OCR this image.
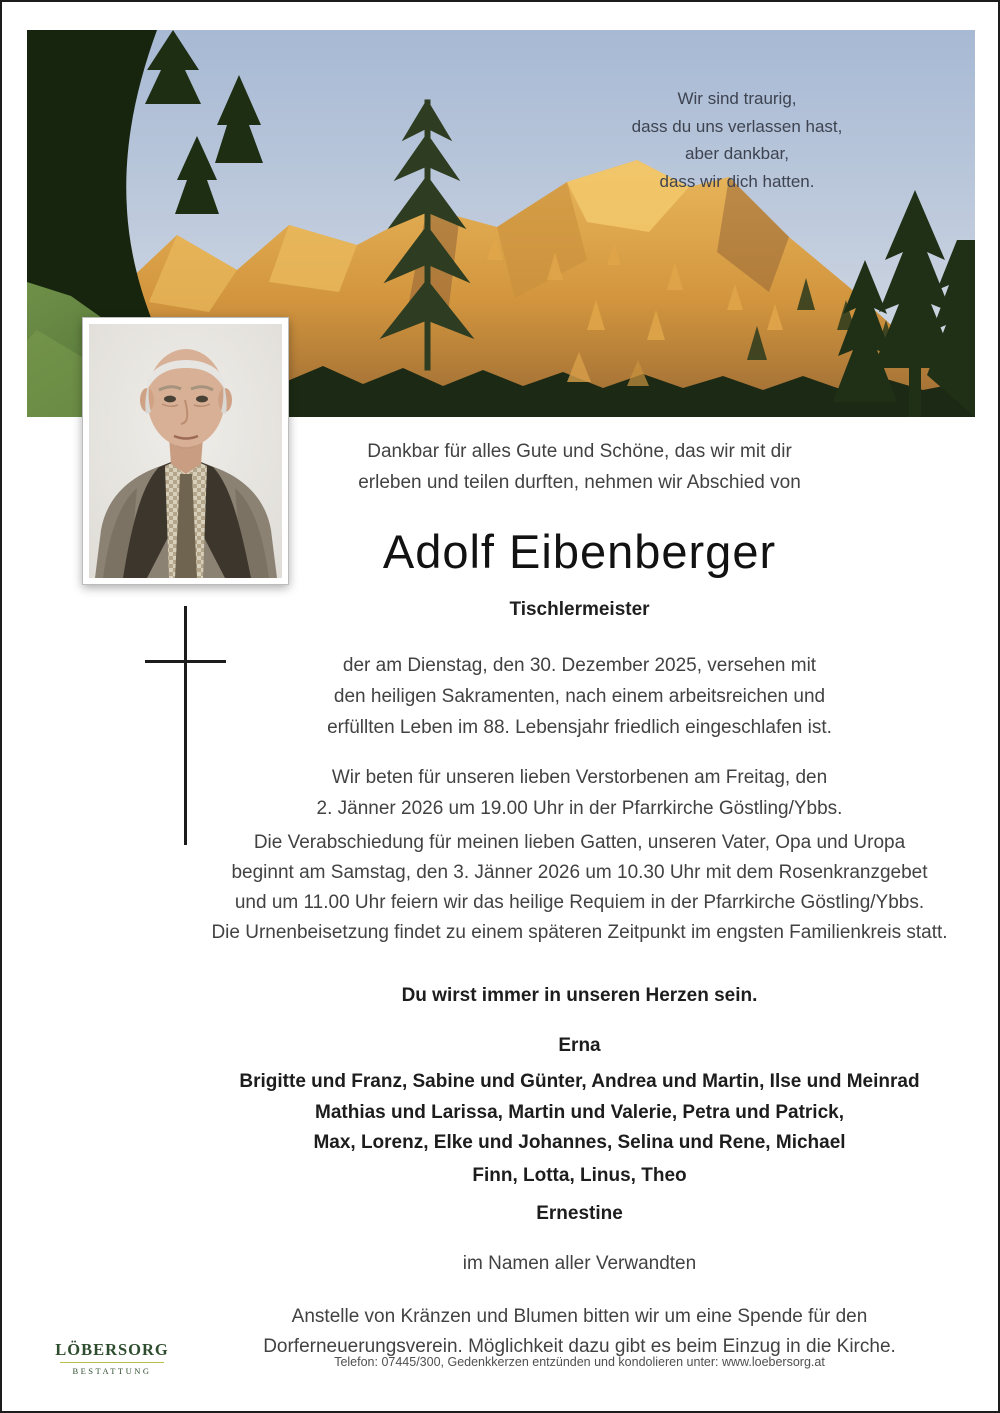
Wir sind traurig,
dass du uns verlassen hast,
aber dankbar,
dass wir dich hatten.
Dankbar für alles Gute und Schöne, das wir mit dir
erleben und teilen durften, nehmen wir Abschied von
Adolf Eibenberger
Tischlermeister
der am Dienstag, den 30. Dezember 2025, versehen mit
den heiligen Sakramenten, nach einem arbeitsreichen und
erfüllten Leben im 88. Lebensjahr friedlich eingeschlafen ist.
Wir beten für unseren lieben Verstorbenen am Freitag, den
2. Jänner 2026 um 19.00 Uhr in der Pfarrkirche Göstling/Ybbs.
Die Verabschiedung für meinen lieben Gatten, unseren Vater, Opa und Uropa
beginnt am Samstag, den 3. Jänner 2026 um 10.30 Uhr mit dem Rosenkranzgebet
und um 11.00 Uhr feiern wir das heilige Requiem in der Pfarrkirche Göstling/Ybbs.
Die Urnenbeisetzung findet zu einem späteren Zeitpunkt im engsten Familienkreis statt.
Du wirst immer in unseren Herzen sein.
Erna
Brigitte und Franz, Sabine und Günter, Andrea und Martin, Ilse und Meinrad
Mathias und Larissa, Martin und Valerie, Petra und Patrick,
Max, Lorenz, Elke und Johannes, Selina und Rene, Michael
Finn, Lotta, Linus, Theo
Ernestine
im Namen aller Verwandten
Anstelle von Kränzen und Blumen bitten wir um eine Spende für den
Dorferneuerungsverein. Möglichkeit dazu gibt es beim Einzug in die Kirche.
Telefon: 07445/300, Gedenkkerzen entzünden und kondolieren unter: www.loebersorg.at
LÖBERSORG
BESTATTUNG
